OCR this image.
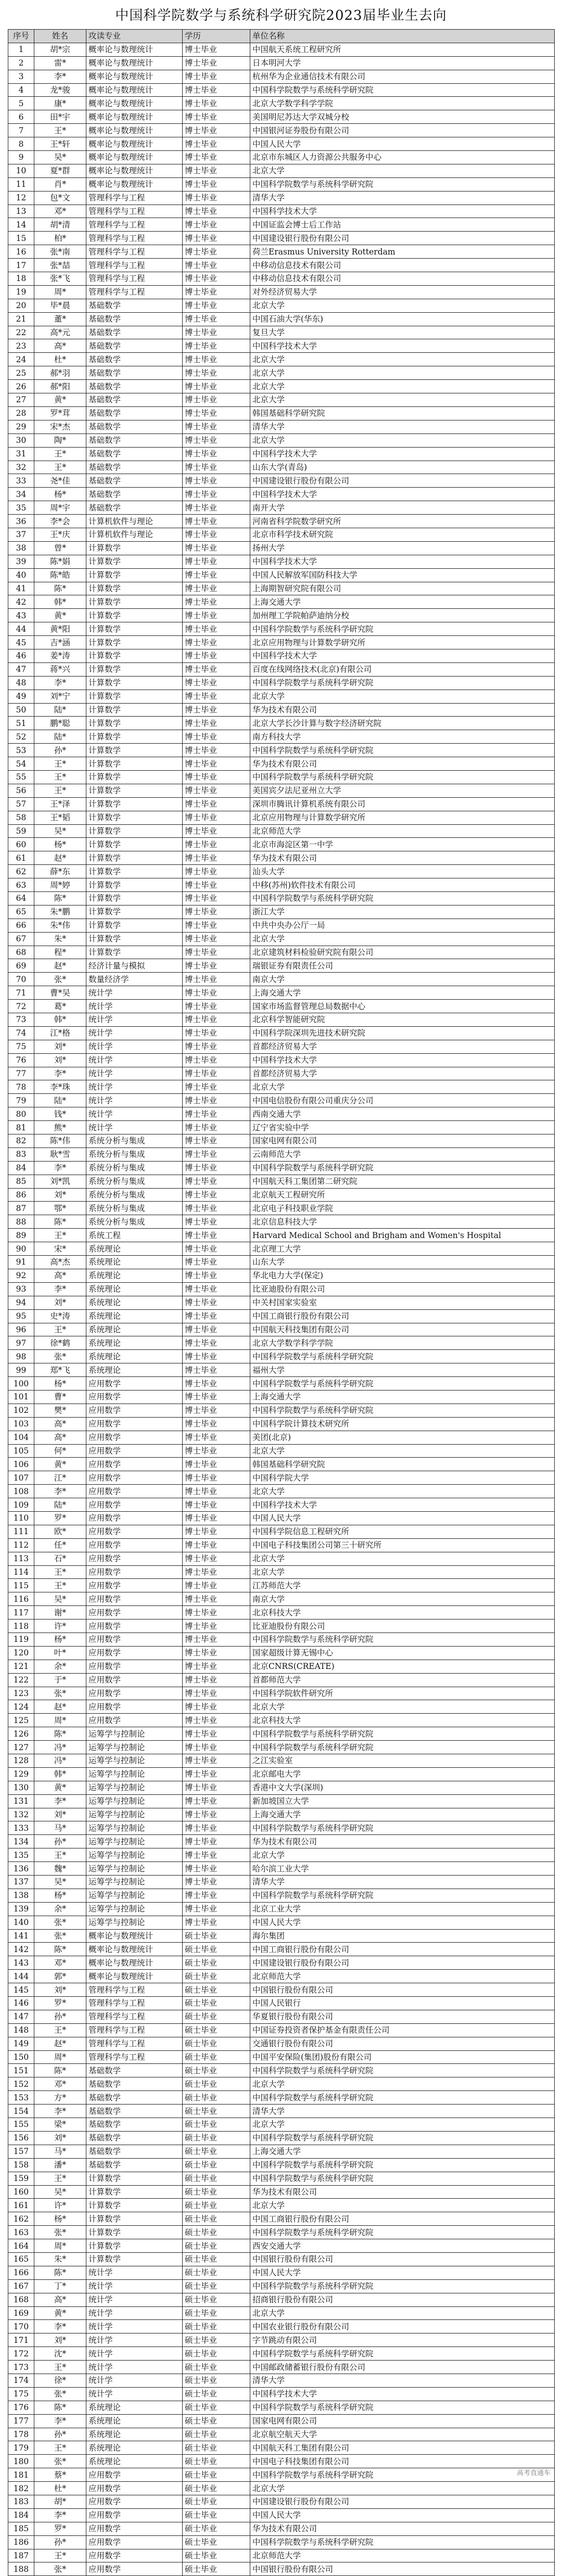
中国科学院数学与系统科学研究院2023届毕业生去向
序号	姓名	攻读专业	学历	单位名称
1	胡*宗	概率论与数理统计	博士毕业	中国航天系统工程研究所
2	雷*	概率论与数理统计	博士毕业	日本明河大学
3	李*	概率论与数理统计	博士毕业	杭州华为企业通信技术有限公司
4	龙*骏	概率论与数理统计	博士毕业	中国科学院数学与系统科学研究院
5	康*	概率论与数理统计	博士毕业	北京大学数学科学学院
6	田*宇	概率论与数理统计	博士毕业	美国明尼苏达大学双城分校
7	王*	概率论与数理统计	博士毕业	中国银河证券股份有限公司
8	王*轩	概率论与数理统计	博士毕业	中国人民大学
9	吴*	概率论与数理统计	博士毕业	北京市东城区人力资源公共服务中心
10	夏*群	概率论与数理统计	博士毕业	北京大学
11	肖*	概率论与数理统计	博士毕业	中国科学院数学与系统科学研究院
12	包*文	管理科学与工程	博士毕业	清华大学
13	邓*	管理科学与工程	博士毕业	中国科学技术大学
14	胡*清	管理科学与工程	博士毕业	中国证监会博士后工作站
15	柏*	管理科学与工程	博士毕业	中国建设银行股份有限公司
16	张*南	管理科学与工程	博士毕业	荷兰Erasmus University Rotterdam
17	张*喆	管理科学与工程	博士毕业	中移动信息技术有限公司
18	张*飞	管理科学与工程	博士毕业	中移动信息技术有限公司
19	周*	管理科学与工程	博士毕业	对外经济贸易大学
20	毕*晨	基础数学	博士毕业	北京大学
21	董*	基础数学	博士毕业	中国石油大学(华东)
22	高*元	基础数学	博士毕业	复旦大学
23	高*	基础数学	博士毕业	中国科学技术大学
24	杜*	基础数学	博士毕业	北京大学
25	郝*羽	基础数学	博士毕业	北京大学
26	郝*阳	基础数学	博士毕业	北京大学
27	黄*	基础数学	博士毕业	北京大学
28	罗*茸	基础数学	博士毕业	韩国基础科学研究院
29	宋*杰	基础数学	博士毕业	清华大学
30	陶*	基础数学	博士毕业	北京大学
31	王*	基础数学	博士毕业	中国科学技术大学
32	王*	基础数学	博士毕业	山东大学(青岛)
33	尧*佳	基础数学	博士毕业	中国建设银行股份有限公司
34	杨*	基础数学	博士毕业	中国科学技术大学
35	周*宇	基础数学	博士毕业	南开大学
36	李*会	计算机软件与理论	博士毕业	河南省科学院数学研究所
37	王*庆	计算机软件与理论	博士毕业	北京市科学技术研究院
38	曾*	计算数学	博士毕业	扬州大学
39	陈*娟	计算数学	博士毕业	中国科学技术大学
40	陈*皓	计算数学	博士毕业	中国人民解放军国防科技大学
41	陈*	计算数学	博士毕业	上海期智研究院有限公司
42	韩*	计算数学	博士毕业	上海交通大学
43	黄*	计算数学	博士毕业	加州理工学院帕萨迪纳分校
44	黄*阳	计算数学	博士毕业	中国科学院数学与系统科学研究院
45	吉*涵	计算数学	博士毕业	北京应用物理与计算数学研究所
46	姜*涛	计算数学	博士毕业	中国科学技术大学
47	蒋*兴	计算数学	博士毕业	百度在线网络技术(北京)有限公司
48	李*	计算数学	博士毕业	中国科学院数学与系统科学研究院
49	刘*宁	计算数学	博士毕业	北京大学
50	陆*	计算数学	博士毕业	华为技术有限公司
51	鹏*聪	计算数学	博士毕业	北京大学长沙计算与数字经济研究院
52	陆*	计算数学	博士毕业	南方科技大学
53	孙*	计算数学	博士毕业	中国科学院数学与系统科学研究院
54	王*	计算数学	博士毕业	华为技术有限公司
55	王*	计算数学	博士毕业	中国科学院数学与系统科学研究院
56	王*	计算数学	博士毕业	美国宾夕法尼亚州立大学
57	王*泽	计算数学	博士毕业	深圳市腾讯计算机系统有限公司
58	王*韬	计算数学	博士毕业	北京应用物理与计算数学研究所
59	吴*	计算数学	博士毕业	北京师范大学
60	杨*	计算数学	博士毕业	北京市海淀区第一中学
61	赵*	计算数学	博士毕业	华为技术有限公司
62	薛*东	计算数学	博士毕业	汕头大学
63	周*婷	计算数学	博士毕业	中移(苏州)软件技术有限公司
64	陈*	计算数学	博士毕业	中国科学院数学与系统科学研究院
65	朱*鹏	计算数学	博士毕业	浙江大学
66	朱*伟	计算数学	博士毕业	中共中央办公厅一局
67	朱*	计算数学	博士毕业	北京大学
68	程*	计算数学	博士毕业	北京建筑材料检验研究院有限公司
69	赵*	经济计量与模拟	博士毕业	瑞银证券有限责任公司
70	张*	数量经济学	博士毕业	南京大学
71	曹*吴	统计学	博士毕业	上海交通大学
72	葛*	统计学	博士毕业	国家市场监督管理总局数据中心
73	韩*	统计学	博士毕业	北京科学智能研究院
74	江*格	统计学	博士毕业	中国科学院深圳先进技术研究院
75	刘*	统计学	博士毕业	首都经济贸易大学
76	刘*	统计学	博士毕业	中国科学技术大学
77	李*	统计学	博士毕业	首都经济贸易大学
78	李*珠	统计学	博士毕业	北京大学
79	陆*	统计学	博士毕业	中国电信股份有限公司重庆分公司
80	钱*	统计学	博士毕业	西南交通大学
81	熊*	统计学	博士毕业	辽宁省实验中学
82	陈*伟	系统分析与集成	博士毕业	国家电网有限公司
83	耿*雪	系统分析与集成	博士毕业	云南师范大学
84	李*	系统分析与集成	博士毕业	中国科学院数学与系统科学研究院
85	刘*凯	系统分析与集成	博士毕业	中国航天科工集团第二研究院
86	刘*	系统分析与集成	博士毕业	北京航天工程研究所
87	鄂*	系统分析与集成	博士毕业	北京电子科技职业学院
88	陈*	系统分析与集成	博士毕业	北京信息科技大学
89	王*	系统工程	博士毕业	Harvard Medical School and Brigham and Women's Hospital
90	宋*	系统理论	博士毕业	北京理工大学
91	高*杰	系统理论	博士毕业	山东大学
92	高*	系统理论	博士毕业	华北电力大学(保定)
93	李*	系统理论	博士毕业	比亚迪股份有限公司
94	刘*	系统理论	博士毕业	中关村国家实验室
95	史*涛	系统理论	博士毕业	中国工商银行股份有限公司
96	王*	系统理论	博士毕业	中国航天科技集团有限公司
97	徐*鹤	系统理论	博士毕业	北京大学数学科学学院
98	张*	系统理论	博士毕业	中国科学院数学与系统科学研究院
99	郑*飞	系统理论	博士毕业	福州大学
100	杨*	应用数学	博士毕业	中国科学院数学与系统科学研究院
101	曹*	应用数学	博士毕业	上海交通大学
102	樊*	应用数学	博士毕业	中国科学院数学与系统科学研究院
103	高*	应用数学	博士毕业	中国科学院计算技术研究所
104	高*	应用数学	博士毕业	美团(北京)
105	何*	应用数学	博士毕业	北京大学
106	黄*	应用数学	博士毕业	韩国基础科学研究院
107	江*	应用数学	博士毕业	中国科学院大学
108	李*	应用数学	博士毕业	北京大学
109	陆*	应用数学	博士毕业	中国科学技术大学
110	罗*	应用数学	博士毕业	中国人民大学
111	欧*	应用数学	博士毕业	中国科学院信息工程研究所
112	任*	应用数学	博士毕业	中国电子科技集团公司第三十研究所
113	石*	应用数学	博士毕业	北京大学
114	王*	应用数学	博士毕业	北京大学
115	王*	应用数学	博士毕业	江苏师范大学
116	吴*	应用数学	博士毕业	南京大学
117	谢*	应用数学	博士毕业	北京科技大学
118	许*	应用数学	博士毕业	比亚迪股份有限公司
119	杨*	应用数学	博士毕业	中国科学院数学与系统科学研究院
120	叶*	应用数学	博士毕业	国家超级计算无锡中心
121	余*	应用数学	博士毕业	北京CNRS(CREATE)
122	于*	应用数学	博士毕业	首都师范大学
123	张*	应用数学	博士毕业	中国科学院软件研究所
124	赵*	应用数学	博士毕业	北京大学
125	周*	应用数学	博士毕业	北京科技大学
126	陈*	运筹学与控制论	博士毕业	中国科学院数学与系统科学研究院
127	冯*	运筹学与控制论	博士毕业	中国科学院数学与系统科学研究院
128	冯*	运筹学与控制论	博士毕业	之江实验室
129	韩*	运筹学与控制论	博士毕业	北京邮电大学
130	黄*	运筹学与控制论	博士毕业	香港中文大学(深圳)
131	李*	运筹学与控制论	博士毕业	新加坡国立大学
132	刘*	运筹学与控制论	博士毕业	上海交通大学
133	马*	运筹学与控制论	博士毕业	中国科学院数学与系统科学研究院
134	孙*	运筹学与控制论	博士毕业	华为技术有限公司
135	王*	运筹学与控制论	博士毕业	北京大学
136	魏*	运筹学与控制论	博士毕业	哈尔滨工业大学
137	吴*	运筹学与控制论	博士毕业	清华大学
138	杨*	运筹学与控制论	博士毕业	中国科学院数学与系统科学研究院
139	余*	运筹学与控制论	博士毕业	北京工业大学
140	张*	运筹学与控制论	博士毕业	中国人民大学
141	张*	概率论与数理统计	硕士毕业	海尔集团
142	陈*	概率论与数理统计	硕士毕业	中国工商银行股份有限公司
143	邓*	概率论与数理统计	硕士毕业	中国建设银行股份有限公司
144	郭*	概率论与数理统计	硕士毕业	北京师范大学
145	刘*	管理科学与工程	硕士毕业	中国银行股份有限公司
146	罗*	管理科学与工程	硕士毕业	中国人民银行
147	孙*	管理科学与工程	硕士毕业	华夏银行股份有限公司
148	王*	管理科学与工程	硕士毕业	中国证券投资者保护基金有限责任公司
149	赵*	管理科学与工程	硕士毕业	交通银行股份有限公司
150	周*	管理科学与工程	硕士毕业	中国平安保险(集团)股份有限公司
151	陈*	基础数学	硕士毕业	中国科学院数学与系统科学研究院
152	邓*	基础数学	硕士毕业	北京大学
153	方*	基础数学	硕士毕业	中国科学院数学与系统科学研究院
154	李*	基础数学	硕士毕业	清华大学
155	梁*	基础数学	硕士毕业	北京大学
156	刘*	基础数学	硕士毕业	中国科学院数学与系统科学研究院
157	马*	基础数学	硕士毕业	上海交通大学
158	潘*	基础数学	硕士毕业	中国科学院数学与系统科学研究院
159	王*	计算数学	硕士毕业	中国科学院数学与系统科学研究院
160	吴*	计算数学	硕士毕业	华为技术有限公司
161	许*	计算数学	硕士毕业	北京大学
162	杨*	计算数学	硕士毕业	中国工商银行股份有限公司
163	张*	计算数学	硕士毕业	中国科学院数学与系统科学研究院
164	周*	计算数学	硕士毕业	西安交通大学
165	朱*	计算数学	硕士毕业	中国银行股份有限公司
166	陈*	统计学	硕士毕业	中国人民大学
167	丁*	统计学	硕士毕业	中国科学院数学与系统科学研究院
168	高*	统计学	硕士毕业	招商银行股份有限公司
169	黄*	统计学	硕士毕业	北京大学
170	李*	统计学	硕士毕业	中国农业银行股份有限公司
171	刘*	统计学	硕士毕业	字节跳动有限公司
172	沈*	统计学	硕士毕业	中国科学院数学与系统科学研究院
173	王*	统计学	硕士毕业	中国邮政储蓄银行股份有限公司
174	徐*	统计学	硕士毕业	清华大学
175	张*	统计学	硕士毕业	中国科学技术大学
176	陈*	系统理论	硕士毕业	中国科学院数学与系统科学研究院
177	李*	系统理论	硕士毕业	国家电网有限公司
178	孙*	系统理论	硕士毕业	北京航空航天大学
179	王*	系统理论	硕士毕业	中国航天科工集团有限公司
180	张*	系统理论	硕士毕业	中国电子科技集团有限公司
181	蔡*	应用数学	硕士毕业	中国科学院数学与系统科学研究院
182	杜*	应用数学	硕士毕业	北京大学
183	胡*	应用数学	硕士毕业	中国建设银行股份有限公司
184	李*	应用数学	硕士毕业	中国人民大学
185	罗*	应用数学	硕士毕业	华为技术有限公司
186	孙*	应用数学	硕士毕业	中国科学院数学与系统科学研究院
187	王*	应用数学	硕士毕业	北京师范大学
188	张*	应用数学	硕士毕业	中国银行股份有限公司
高考直通车
